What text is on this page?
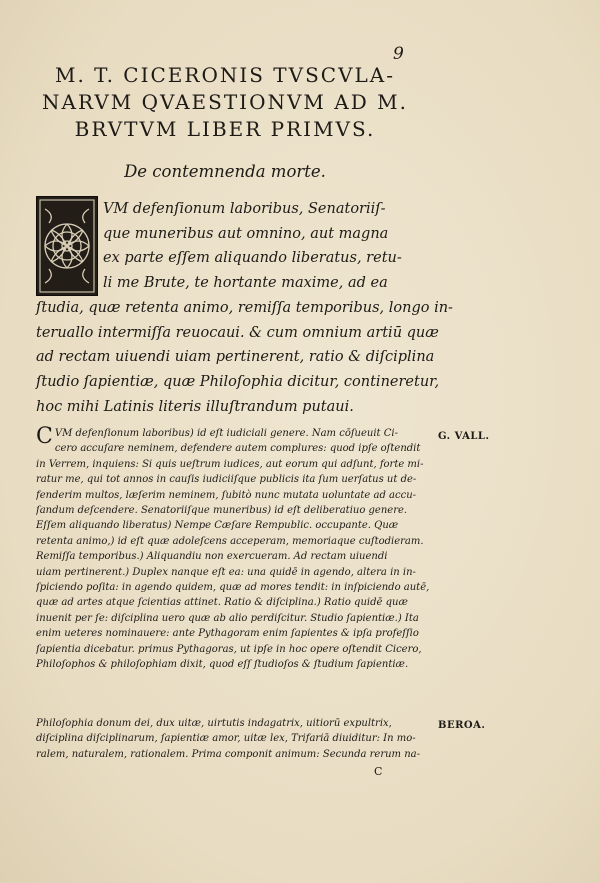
9
M. T. CICERONIS TVSCVLA-
NARVM QVAESTIONVM AD M.
BRVTVM LIBER PRIMVS.
De contemnenda morte.
VM defenſionum laboribus, Senatoriiſ-
que muneribus aut omnino, aut magna
ex parte eſſem aliquando liberatus, retu-
li me Brute, te hortante maxime, ad ea
ſtudia, quæ retenta animo, remiſſa temporibus, longo in-
teruallo intermiſſa reuocaui. & cum omnium artiū quæ
ad rectam uiuendi uiam pertinerent, ratio & diſciplina
ſtudio ſapientiæ, quæ Philoſophia dicitur, contineretur,
hoc mihi Latinis literis illuſtrandum putaui.
C VM defenſionum laboribus) id eſt iudiciali genere. Nam cōſueuit Ci-
cero accuſare neminem, defendere autem complures: quod ipſe oſtendit
in Verrem, inquiens: Si quis ueſtrum iudices, aut eorum qui adſunt, forte mi-
ratur me, qui tot annos in cauſis iudiciiſque publicis ita ſum uerſatus ut de-
fenderim multos, læſerim neminem, ſubitò nunc mutata uoluntate ad accu-
ſandum deſcendere. Senatoriiſque muneribus) id eſt deliberatiuo genere.
Eſſem aliquando liberatus) Nempe Cæſare Rempublic. occupante. Quæ
retenta animo,) id eſt quæ adoleſcens acceperam, memoriaque cuſtodieram.
Remiſſa temporibus.) Aliquandiu non exercueram. Ad rectam uiuendi
uiam pertinerent.) Duplex nanque eſt ea: una quidē in agendo, altera in in-
ſpiciendo poſita: in agendo quidem, quæ ad mores tendit: in inſpiciendo autē,
quæ ad artes atque ſcientias attinet. Ratio & diſciplina.) Ratio quidē quæ
inuenit per ſe: diſciplina uero quæ ab alio perdiſcitur. Studio ſapientiæ.) Ita
enim ueteres nominauere: ante Pythagoram enim ſapientes & ipſa profeſſio
ſapientia dicebatur. primus Pythagoras, ut ipſe in hoc opere oſtendit Cicero,
Philoſophos & philoſophiam dixit, quod eſſ ſtudioſos & ſtudium ſapientiæ.
Philoſophia donum dei, dux uitæ, uirtutis indagatrix, uitiorū expultrix,
diſciplina diſciplinarum, ſapientiæ amor, uitæ lex, Trifariā diuiditur: In mo-
ralem, naturalem, rationalem. Prima componit animum: Secunda rerum na-
G. VALL.
BEROA.
C
